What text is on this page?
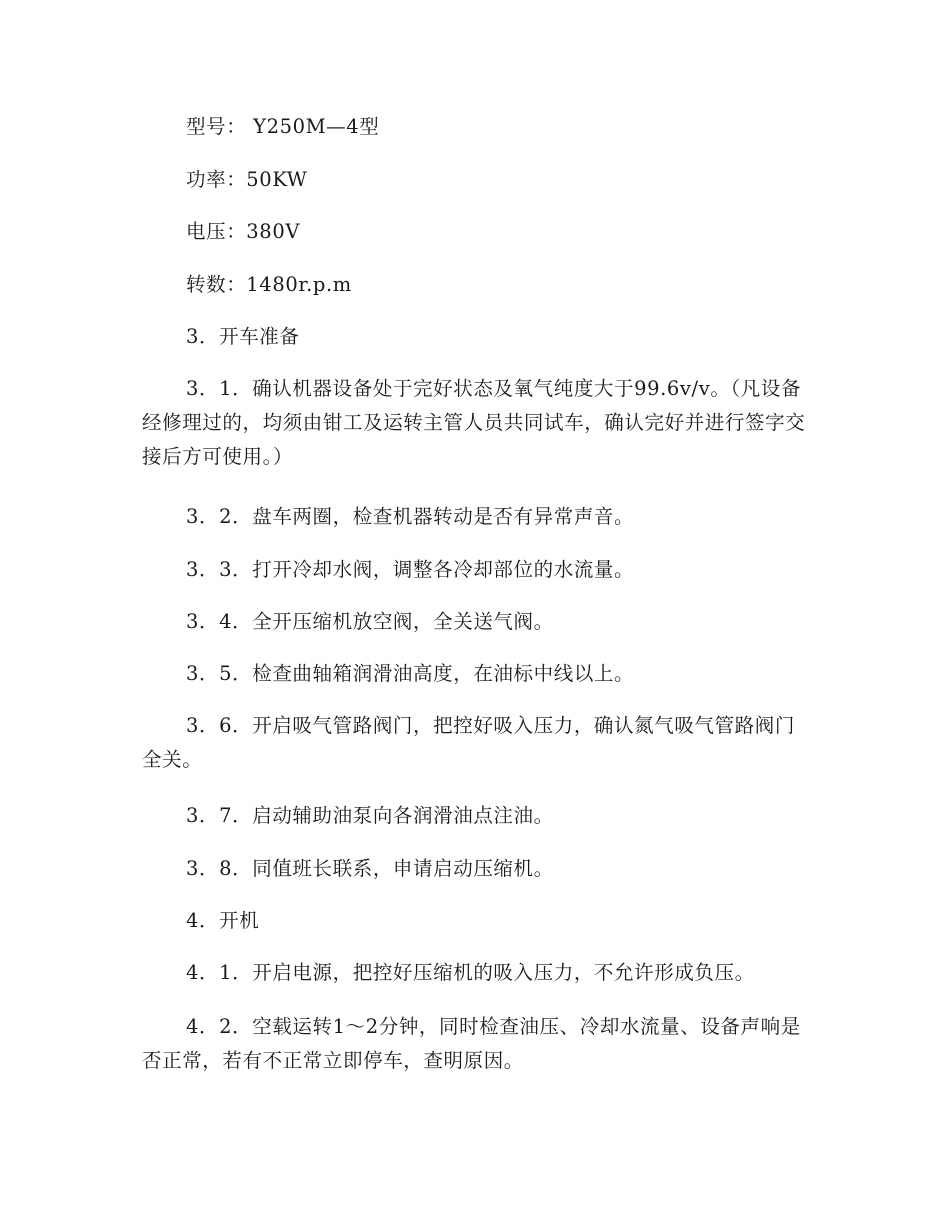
型号： Y250M—4型

功率：50KW

电压：380V

转数：1480r.p.m

3．开车准备

3．1．确认机器设备处于完好状态及氧气纯度大于99.6v/v。（凡设备经修理过的，均须由钳工及运转主管人员共同试车，确认完好并进行签字交接后方可使用。）

3．2．盘车两圈，检查机器转动是否有异常声音。

3．3．打开冷却水阀，调整各冷却部位的水流量。

3．4．全开压缩机放空阀，全关送气阀。

3．5．检查曲轴箱润滑油高度，在油标中线以上。

3．6．开启吸气管路阀门，把控好吸入压力，确认氮气吸气管路阀门全关。

3．7．启动辅助油泵向各润滑油点注油。

3．8．同值班长联系，申请启动压缩机。

4．开机

4．1．开启电源，把控好压缩机的吸入压力，不允许形成负压。

4．2．空载运转1～2分钟，同时检查油压、冷却水流量、设备声响是否正常，若有不正常立即停车，查明原因。
